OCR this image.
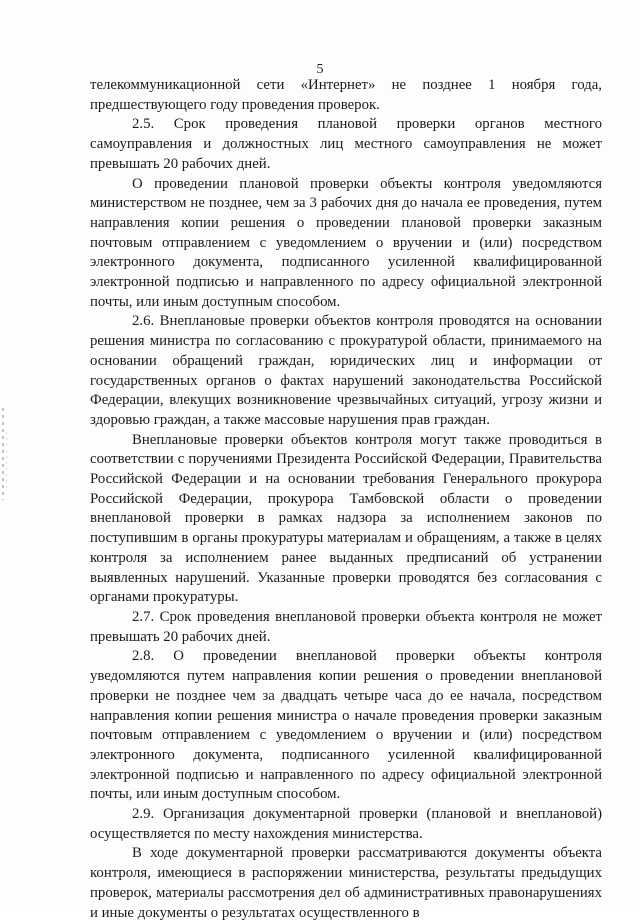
5

телекоммуникационной сети «Интернет» не позднее 1 ноября года, предшествующего году проведения проверок.

2.5. Срок проведения плановой проверки органов местного самоуправления и должностных лиц местного самоуправления не может превышать 20 рабочих дней.

О проведении плановой проверки объекты контроля уведомляются министерством не позднее, чем за 3 рабочих дня до начала ее проведения, путем направления копии решения о проведении плановой проверки заказным почтовым отправлением с уведомлением о вручении и (или) посредством электронного документа, подписанного усиленной квалифицированной электронной подписью и направленного по адресу официальной электронной почты, или иным доступным способом.

2.6. Внеплановые проверки объектов контроля проводятся на основании решения министра по согласованию с прокуратурой области, принимаемого на основании обращений граждан, юридических лиц и информации от государственных органов о фактах нарушений законодательства Российской Федерации, влекущих возникновение чрезвычайных ситуаций, угрозу жизни и здоровью граждан, а также массовые нарушения прав граждан.

Внеплановые проверки объектов контроля могут также проводиться в соответствии с поручениями Президента Российской Федерации, Правительства Российской Федерации и на основании требования Генерального прокурора Российской Федерации, прокурора Тамбовской области о проведении внеплановой проверки в рамках надзора за исполнением законов по поступившим в органы прокуратуры материалам и обращениям, а также в целях контроля за исполнением ранее выданных предписаний об устранении выявленных нарушений. Указанные проверки проводятся без согласования с органами прокуратуры.

2.7. Срок проведения внеплановой проверки объекта контроля не может превышать 20 рабочих дней.

2.8. О проведении внеплановой проверки объекты контроля уведомляются путем направления копии решения о проведении внеплановой проверки не позднее чем за двадцать четыре часа до ее начала, посредством направления копии решения министра о начале проведения проверки заказным почтовым отправлением с уведомлением о вручении и (или) посредством электронного документа, подписанного усиленной квалифицированной электронной подписью и направленного по адресу официальной электронной почты, или иным доступным способом.

2.9. Организация документарной проверки (плановой и внеплановой) осуществляется по месту нахождения министерства.

В ходе документарной проверки рассматриваются документы объекта контроля, имеющиеся в распоряжении министерства, результаты предыдущих проверок, материалы рассмотрения дел об административных правонарушениях и иные документы о результатах осуществленного в
